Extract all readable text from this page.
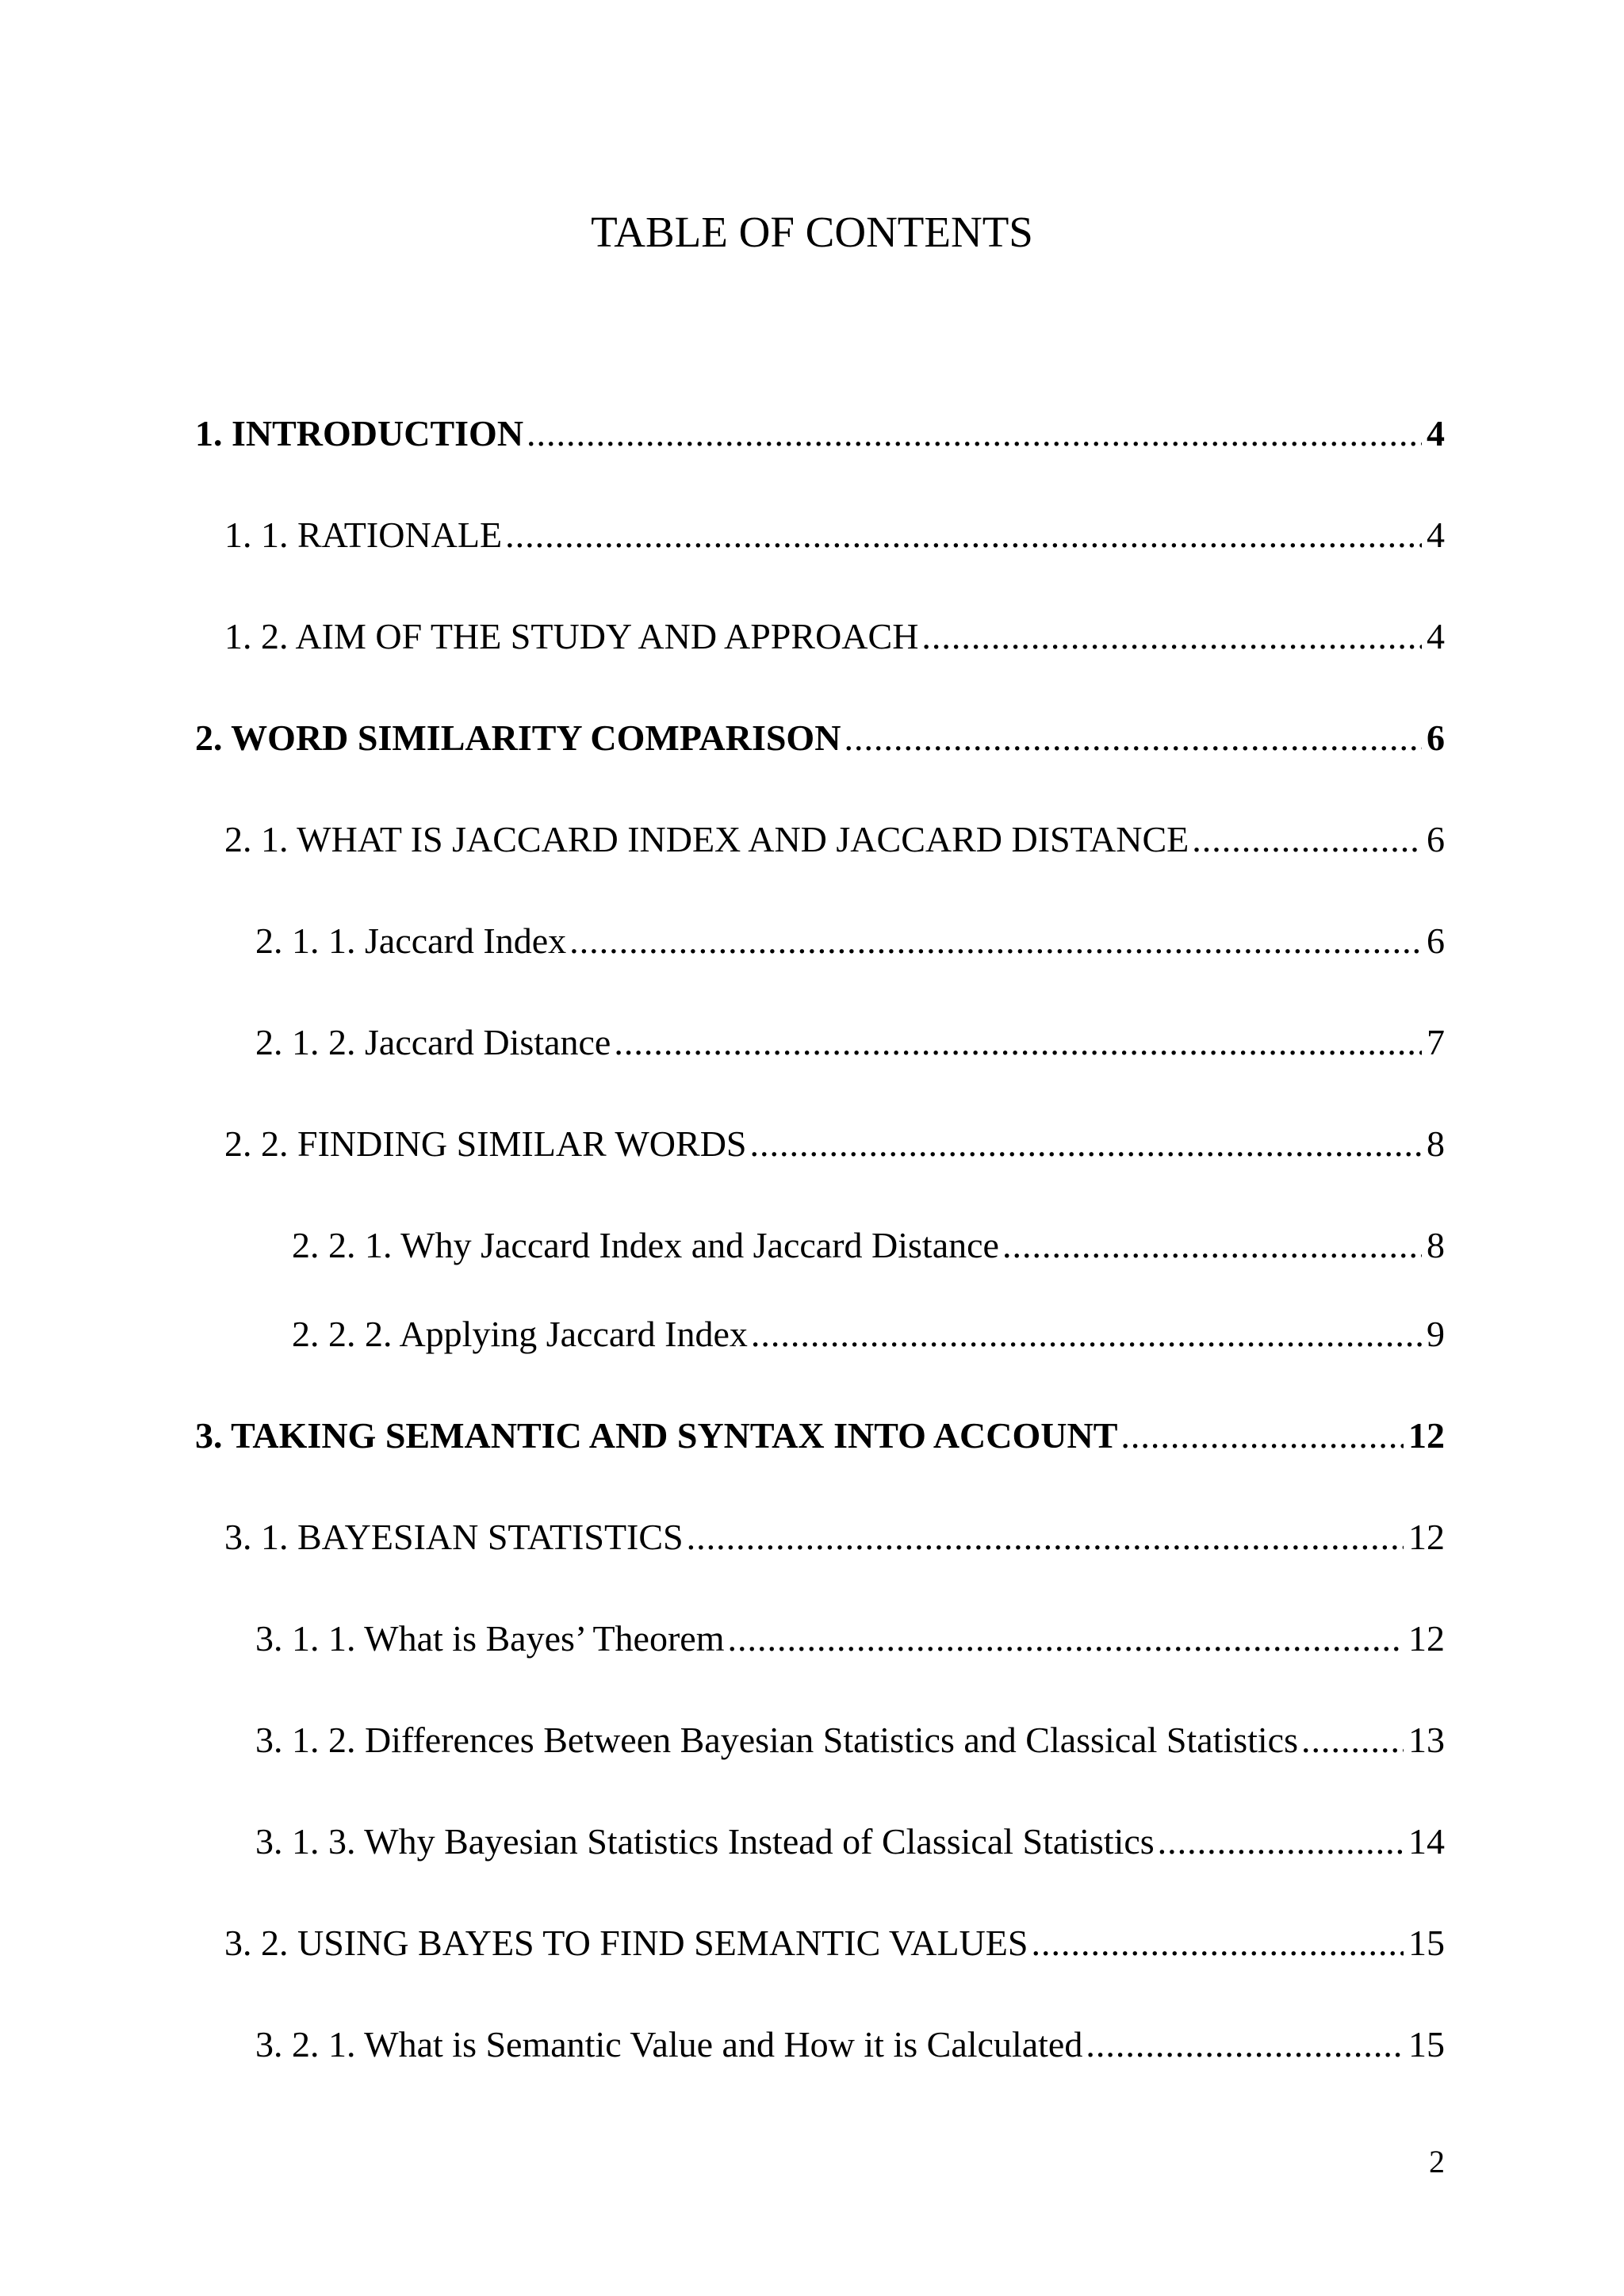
TABLE OF CONTENTS
1. INTRODUCTION .....	4
1. 1. RATIONALE .....	4
1. 2. AIM OF THE STUDY AND APPROACH .....	4
2. WORD SIMILARITY COMPARISON .....	6
2. 1. WHAT IS JACCARD INDEX AND JACCARD DISTANCE .....	6
2. 1. 1. Jaccard Index .....	6
2. 1. 2. Jaccard Distance .....	7
2. 2. FINDING SIMILAR WORDS .....	8
2. 2. 1. Why Jaccard Index and Jaccard Distance .....	8
2. 2. 2. Applying Jaccard Index .....	9
3. TAKING SEMANTIC AND SYNTAX INTO ACCOUNT .....	12
3. 1. BAYESIAN STATISTICS .....	12
3. 1. 1. What is Bayes’ Theorem .....	12
3. 1. 2. Differences Between Bayesian Statistics and Classical Statistics .....	13
3. 1. 3. Why Bayesian Statistics Instead of Classical Statistics .....	14
3. 2. USING BAYES TO FIND SEMANTIC VALUES .....	15
3. 2. 1. What is Semantic Value and How it is Calculated .....	15
2
